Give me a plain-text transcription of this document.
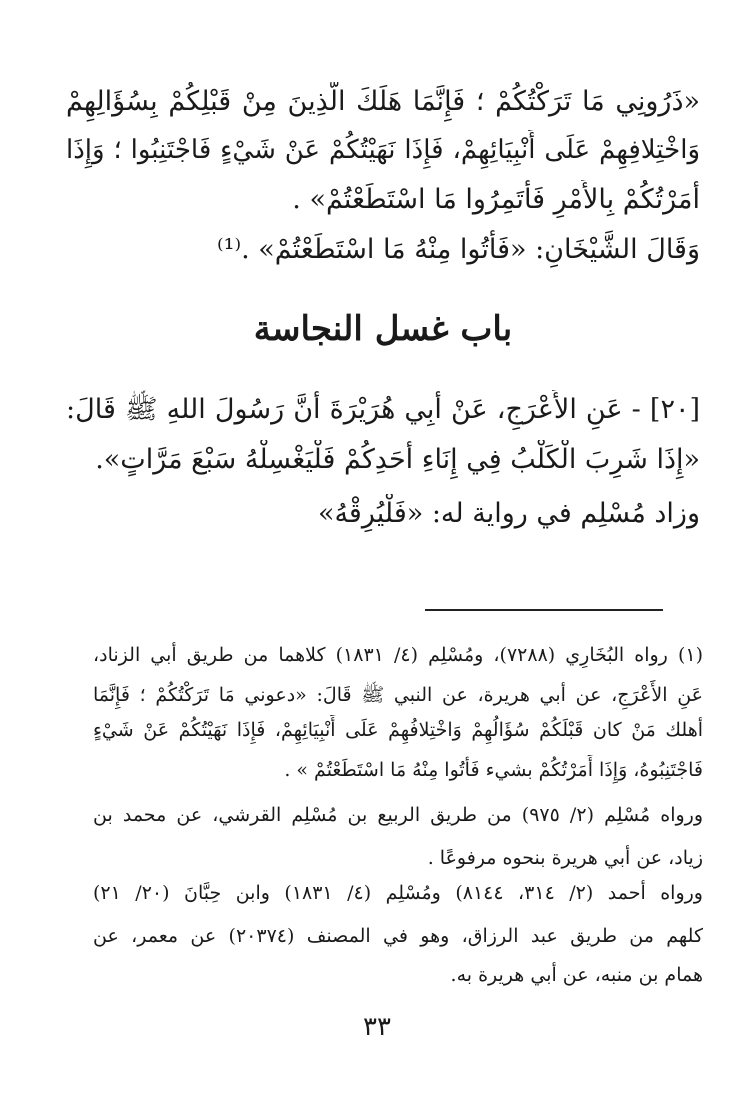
«ذَرُونِي مَا تَرَكْتُكُمْ ؛ فَإِنَّمَا هَلَكَ الَّذِينَ مِنْ قَبْلِكُمْ بِسُؤَالِهِمْ
وَاخْتِلافِهِمْ عَلَى أَنْبِيَائِهِمْ، فَإِذَا نَهَيْتُكُمْ عَنْ شَيْءٍ فَاجْتَنِبُوا ؛ وَإِذَا
أَمَرْتُكُمْ بِالأَمْرِ فَأْتَمِرُوا مَا اسْتَطَعْتُمْ» .
وَقَالَ الشَّيْخَانِ: «فَأْتُوا مِنْهُ مَا اسْتَطَعْتُمْ» .⁽¹⁾
باب غسل النجاسة
[٢٠] - عَنِ الأَعْرَجِ، عَنْ أَبِي هُرَيْرَةَ أَنَّ رَسُولَ اللهِ ﷺ قَالَ:
«إِذَا شَرِبَ الْكَلْبُ فِي إِنَاءِ أَحَدِكُمْ فَلْيَغْسِلْهُ سَبْعَ مَرَّاتٍ».
وزاد مُسْلِم في رواية له: «فَلْيُرِقْهُ»
(١) رواه البُخَارِي (٧٢٨٨)، ومُسْلِم (٤/ ١٨٣١) كلاهما من طريق أبي الزناد،
عَنِ الأَعْرَجِ، عن أبي هريرة، عن النبي ﷺ قَالَ: «دعوني مَا تَرَكْتُكُمْ ؛ فَإِنَّمَا
أهلك مَنْ كان قَبْلَكُمْ سُؤَالُهِمْ وَاخْتِلافُهِمْ عَلَى أَنْبِيَائِهِمْ، فَإِذَا نَهَيْتُكُمْ عَنْ شَيْءٍ
فَاجْتَنِبُوهُ، وَإِذَا أَمَرْتُكُمْ بشيء فَأْتُوا مِنْهُ مَا اسْتَطَعْتُمْ » .
ورواه مُسْلِم (٢/ ٩٧٥) من طريق الربيع بن مُسْلِم القرشي، عن محمد بن
زياد، عن أبي هريرة بنحوه مرفوعًا .
ورواه أحمد (٢/ ٣١٤، ٨١٤٤) ومُسْلِم (٤/ ١٨٣١) وابن حِبَّانَ (٢٠/ ٢١)
كلهم من طريق عبد الرزاق، وهو في المصنف (٢٠٣٧٤) عن معمر، عن
همام بن منبه، عن أبي هريرة به.
٣٣
